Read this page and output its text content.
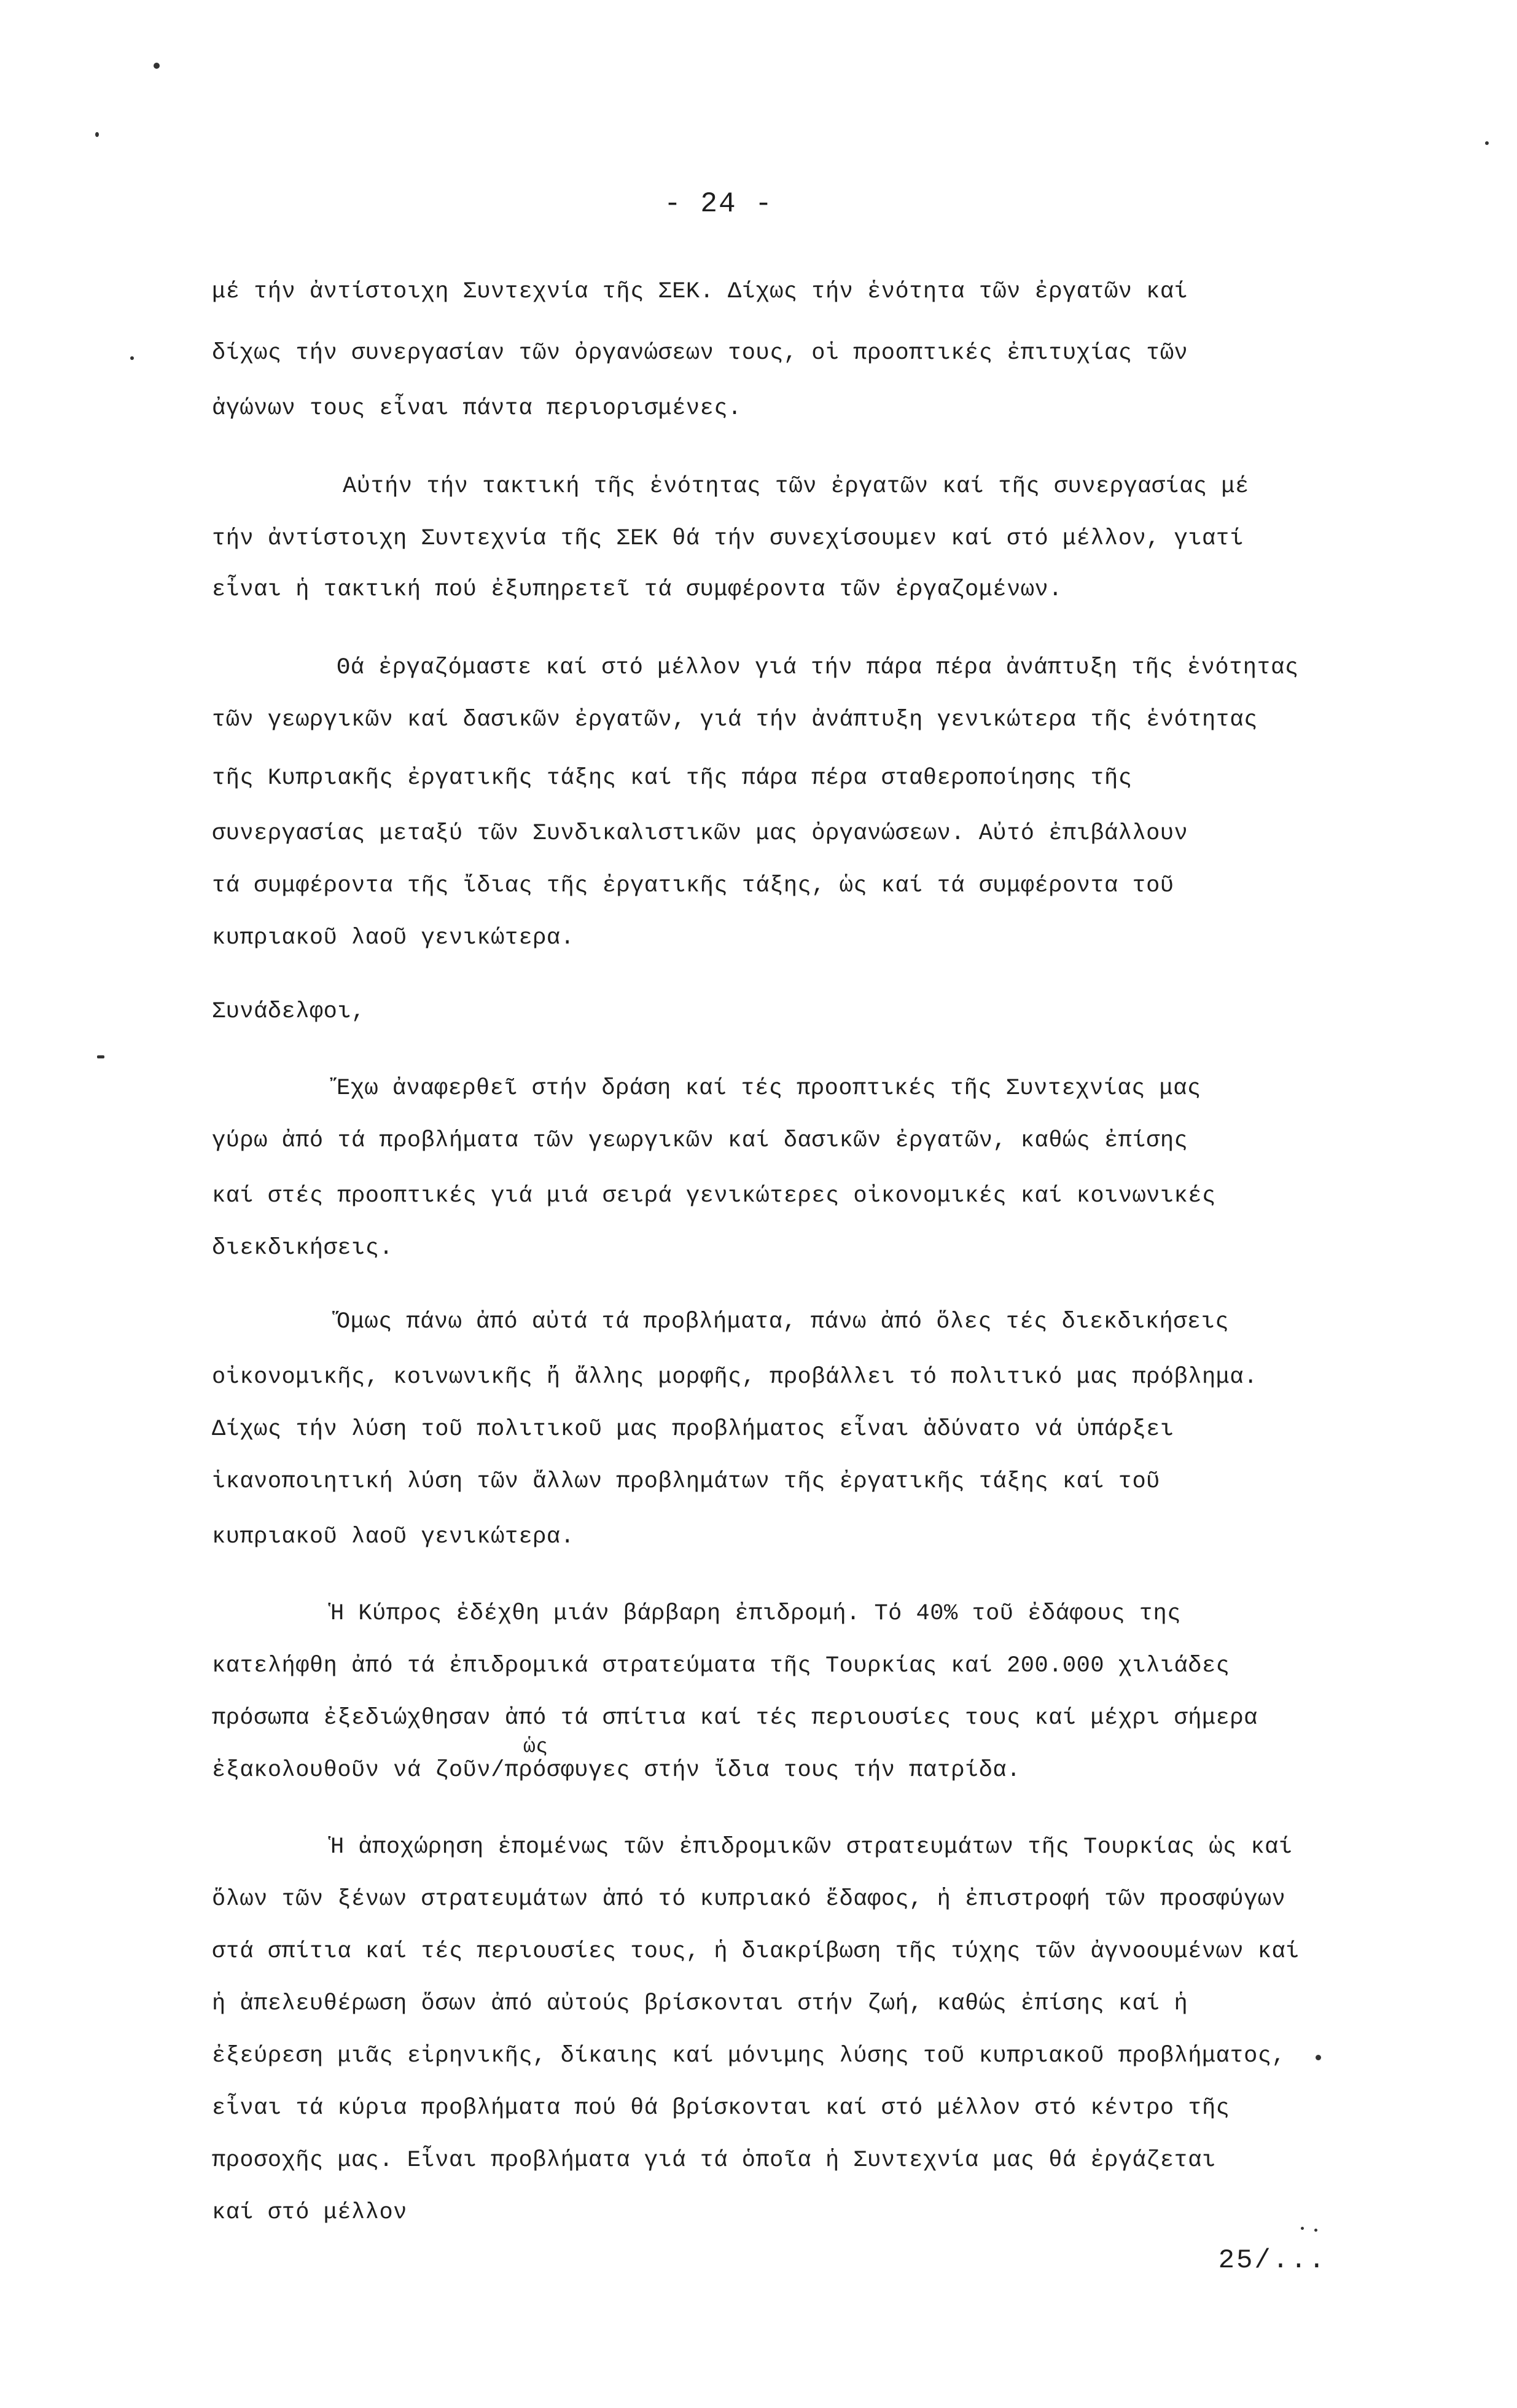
- 24 -
μέ τήν ἀντίστοιχη Συντεχνία τῆς ΣΕΚ. Δίχως τήν ἑνότητα τῶν ἐργατῶν καί
δίχως τήν συνεργασίαν τῶν ὀργανώσεων τους, οἱ προοπτικές ἐπιτυχίας τῶν
ἀγώνων τους εἶναι πάντα περιορισμένες.
Αὐτήν τήν τακτική τῆς ἑνότητας τῶν ἐργατῶν καί τῆς συνεργασίας μέ
τήν ἀντίστοιχη Συντεχνία τῆς ΣΕΚ θά τήν συνεχίσουμεν καί στό μέλλον, γιατί
εἶναι ἡ τακτική πού ἐξυπηρετεῖ τά συμφέροντα τῶν ἐργαζομένων.
Θά ἐργαζόμαστε καί στό μέλλον γιά τήν πάρα πέρα ἀνάπτυξη τῆς ἑνότητας
τῶν γεωργικῶν καί δασικῶν ἐργατῶν, γιά τήν ἀνάπτυξη γενικώτερα τῆς ἑνότητας
τῆς Κυπριακῆς ἐργατικῆς τάξης καί τῆς πάρα πέρα σταθεροποίησης τῆς
συνεργασίας μεταξύ τῶν Συνδικαλιστικῶν μας ὀργανώσεων. Αὐτό ἐπιβάλλουν
τά συμφέροντα τῆς ἴδιας τῆς ἐργατικῆς τάξης, ὡς καί τά συμφέροντα τοῦ
κυπριακοῦ λαοῦ γενικώτερα.
Συνάδελφοι,
Ἔχω ἀναφερθεῖ στήν δράση καί τές προοπτικές τῆς Συντεχνίας μας
γύρω ἀπό τά προβλήματα τῶν γεωργικῶν καί δασικῶν ἐργατῶν, καθώς ἐπίσης
καί στές προοπτικές γιά μιά σειρά γενικώτερες οἰκονομικές καί κοινωνικές
διεκδικήσεις.
Ὅμως πάνω ἀπό αὐτά τά προβλήματα, πάνω ἀπό ὅλες τές διεκδικήσεις
οἰκονομικῆς, κοινωνικῆς ἤ ἄλλης μορφῆς, προβάλλει τό πολιτικό μας πρόβλημα.
Δίχως τήν λύση τοῦ πολιτικοῦ μας προβλήματος εἶναι ἀδύνατο νά ὑπάρξει
ἱκανοποιητική λύση τῶν ἄλλων προβλημάτων τῆς ἐργατικῆς τάξης καί τοῦ
κυπριακοῦ λαοῦ γενικώτερα.
Ἡ Κύπρος ἐδέχθη μιάν βάρβαρη ἐπιδρομή. Τό 40% τοῦ ἐδάφους της
κατελήφθη ἀπό τά ἐπιδρομικά στρατεύματα τῆς Τουρκίας καί 200.000 χιλιάδες
πρόσωπα ἐξεδιώχθησαν ἀπό τά σπίτια καί τές περιουσίες τους καί μέχρι σήμερα
ὡς
ἐξακολουθοῦν νά ζοῦν/πρόσφυγες στήν ἴδια τους τήν πατρίδα.
Ἡ ἀποχώρηση ἑπομένως τῶν ἐπιδρομικῶν στρατευμάτων τῆς Τουρκίας ὡς καί
ὅλων τῶν ξένων στρατευμάτων ἀπό τό κυπριακό ἔδαφος, ἡ ἐπιστροφή τῶν προσφύγων
στά σπίτια καί τές περιουσίες τους, ἡ διακρίβωση τῆς τύχης τῶν ἀγνοουμένων καί
ἡ ἀπελευθέρωση ὅσων ἀπό αὐτούς βρίσκονται στήν ζωή, καθώς ἐπίσης καί ἡ
ἐξεύρεση μιᾶς εἰρηνικῆς, δίκαιης καί μόνιμης λύσης τοῦ κυπριακοῦ προβλήματος,
εἶναι τά κύρια προβλήματα πού θά βρίσκονται καί στό μέλλον στό κέντρο τῆς
προσοχῆς μας. Εἶναι προβλήματα γιά τά ὁποῖα ἡ Συντεχνία μας θά ἐργάζεται
καί στό μέλλον
25/...
